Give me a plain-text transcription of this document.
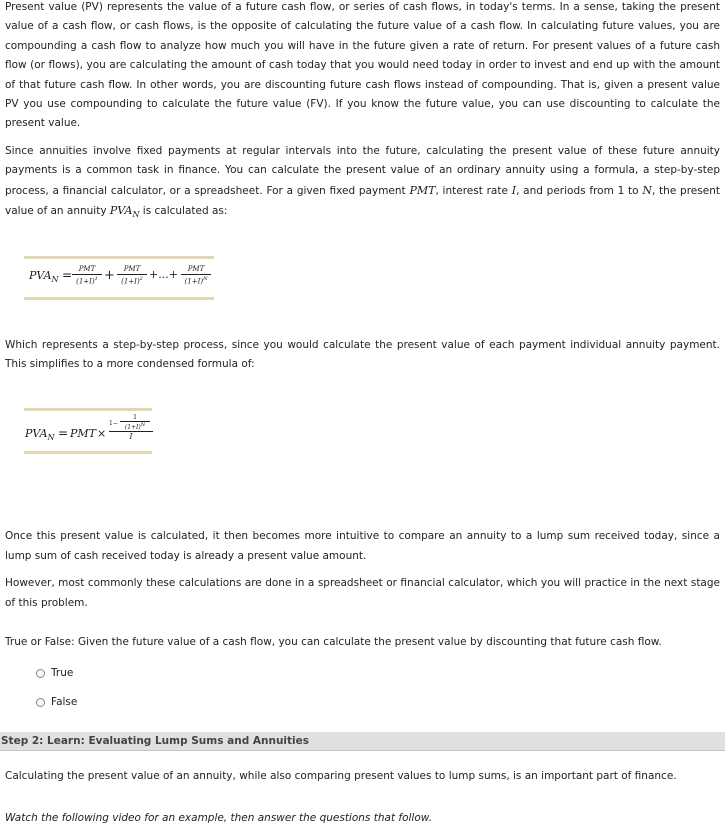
Present value (PV) represents the value of a future cash flow, or series of cash flows, in today's terms. In a sense, taking the present value of a cash flow, or cash flows, is the opposite of calculating the future value of a cash flow. In calculating future values, you are compounding a cash flow to analyze how much you will have in the future given a rate of return. For present values of a future cash flow (or flows), you are calculating the amount of cash today that you would need today in order to invest and end up with the amount of that future cash flow. In other words, you are discounting future cash flows instead of compounding. That is, given a present value PV you use compounding to calculate the future value (FV). If you know the future value, you can use discounting to calculate the present value.

Since annuities involve fixed payments at regular intervals into the future, calculating the present value of these future annuity payments is a common task in finance. You can calculate the present value of an ordinary annuity using a formula, a step-by-step process, a financial calculator, or a spreadsheet. For a given fixed payment PMT, interest rate I, and periods from 1 to N, the present value of an annuity $PVA_N$ is calculated as:

$PVA_N$ = PMT
$(1+I)^1$ +	PMT
$(1+I)^2$ +...+	PMT
$(1+I)^N$

Which represents a step-by-step process, since you would calculate the present value of each payment individual annuity payment. This simplifies to a more condensed formula of:

$PVA_N$ = PMT ×
1−
1
$(1+I)^N$
I

Once this present value is calculated, it then becomes more intuitive to compare an annuity to a lump sum received today, since a lump sum of cash received today is already a present value amount.

However, most commonly these calculations are done in a spreadsheet or financial calculator, which you will practice in the next stage of this problem.

True or False: Given the future value of a cash flow, you can calculate the present value by discounting that future cash flow.

True
False
Step 2: Learn: Evaluating Lump Sums and Annuities

Calculating the present value of an annuity, while also comparing present values to lump sums, is an important part of finance.

Watch the following video for an example, then answer the questions that follow.
